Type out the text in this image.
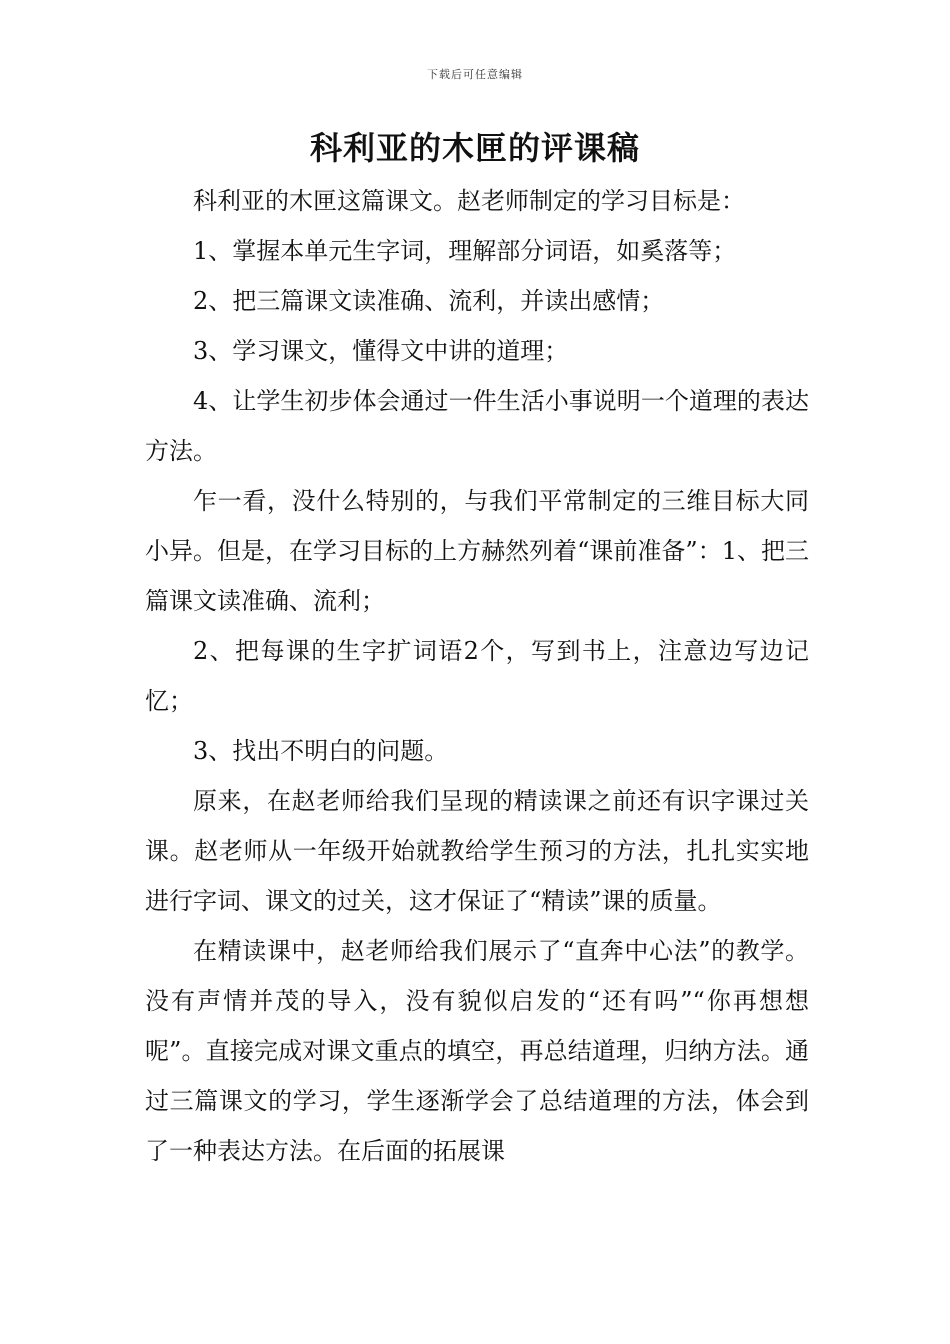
下载后可任意编辑
科利亚的木匣的评课稿

科利亚的木匣这篇课文。赵老师制定的学习目标是：

1、掌握本单元生字词，理解部分词语，如奚落等；

2、把三篇课文读准确、流利，并读出感情；

3、学习课文，懂得文中讲的道理；

4、让学生初步体会通过一件生活小事说明一个道理的表达方法。

乍一看，没什么特别的，与我们平常制定的三维目标大同小异。但是，在学习目标的上方赫然列着“课前准备”：1、把三篇课文读准确、流利；

2、把每课的生字扩词语2个，写到书上，注意边写边记忆；

3、找出不明白的问题。

原来，在赵老师给我们呈现的精读课之前还有识字课过关课。赵老师从一年级开始就教给学生预习的方法，扎扎实实地进行字词、课文的过关，这才保证了“精读”课的质量。

在精读课中，赵老师给我们展示了“直奔中心法”的教学。没有声情并茂的导入，没有貌似启发的“还有吗”“你再想想呢”。直接完成对课文重点的填空，再总结道理，归纳方法。通过三篇课文的学习，学生逐渐学会了总结道理的方法，体会到了一种表达方法。在后面的拓展课
